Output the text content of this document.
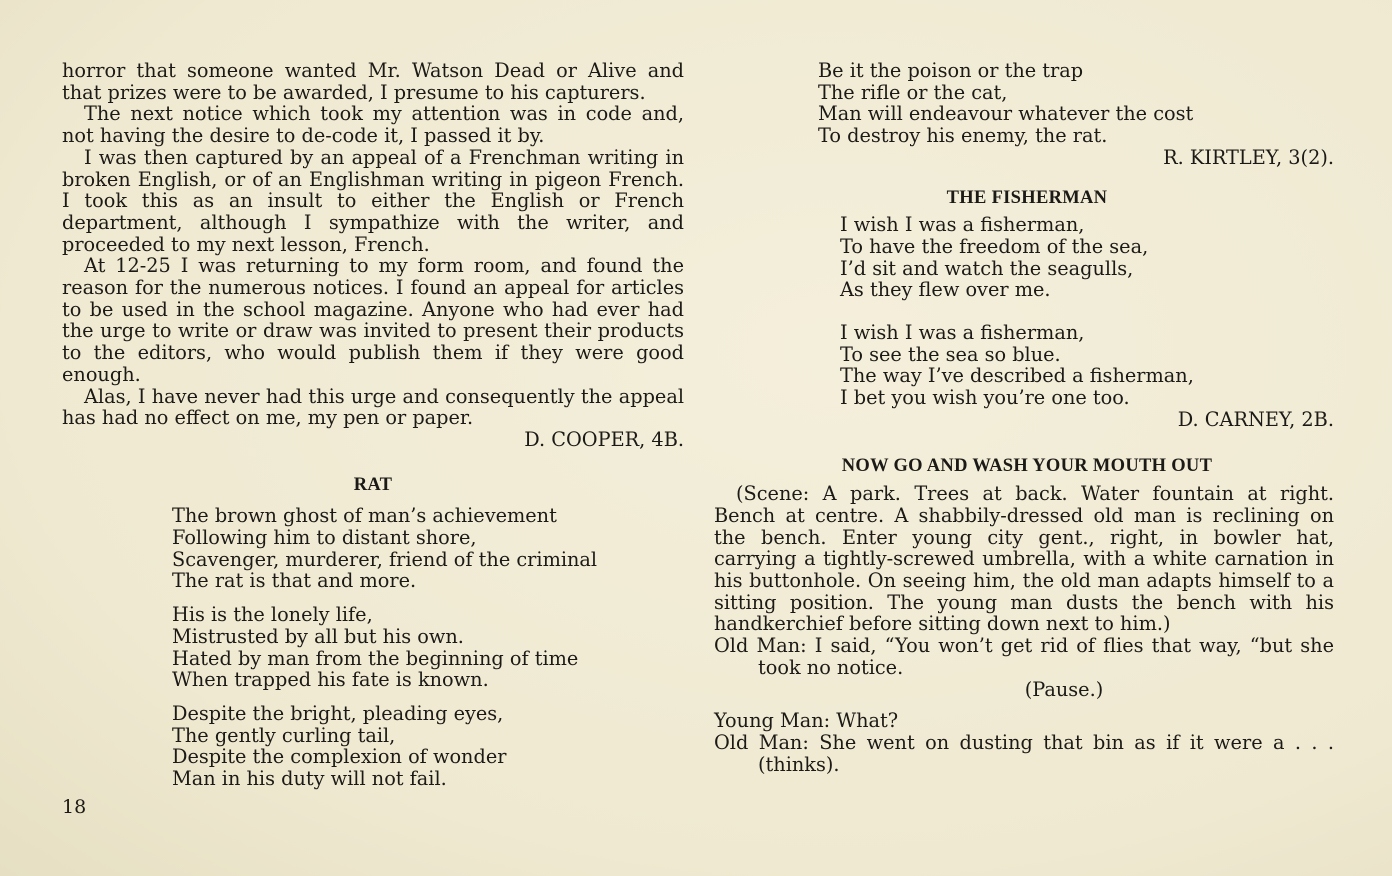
horror that someone wanted Mr. Watson Dead or Alive and that prizes were to be awarded, I presume to his capturers.

The next notice which took my attention was in code and, not having the desire to de-code it, I passed it by.

I was then captured by an appeal of a Frenchman writing in broken English, or of an Englishman writing in pigeon French. I took this as an insult to either the English or French department, although I sympathize with the writer, and proceeded to my next lesson, French.

At 12-25 I was returning to my form room, and found the reason for the numerous notices. I found an appeal for articles to be used in the school magazine. Anyone who had ever had the urge to write or draw was invited to present their products to the editors, who would publish them if they were good enough.

Alas, I have never had this urge and consequently the appeal has had no effect on me, my pen or paper.

D. COOPER, 4B.

RAT
The brown ghost of man’s achievement
Following him to distant shore,
Scavenger, murderer, friend of the criminal
The rat is that and more.
His is the lonely life,
Mistrusted by all but his own.
Hated by man from the beginning of time
When trapped his fate is known.
Despite the bright, pleading eyes,
The gently curling tail,
Despite the complexion of wonder
Man in his duty will not fail.
Be it the poison or the trap
The rifle or the cat,
Man will endeavour whatever the cost
To destroy his enemy, the rat.

R. KIRTLEY, 3(2).

THE FISHERMAN
I wish I was a fisherman,
To have the freedom of the sea,
I’d sit and watch the seagulls,
As they flew over me.
I wish I was a fisherman,
To see the sea so blue.
The way I’ve described a fisherman,
I bet you wish you’re one too.

D. CARNEY, 2B.

NOW GO AND WASH YOUR MOUTH OUT

(Scene: A park. Trees at back. Water fountain at right. Bench at centre. A shabbily-dressed old man is reclining on the bench. Enter young city gent., right, in bowler hat, carrying a tightly-screwed umbrella, with a white carnation in his buttonhole. On seeing him, the old man adapts himself to a sitting position. The young man dusts the bench with his handkerchief before sitting down next to him.)

Old Man: I said, “You won’t get rid of flies that way, “but she took no notice.

(Pause.)

Young Man: What?

Old Man: She went on dusting that bin as if it were a . . . (thinks).

18
